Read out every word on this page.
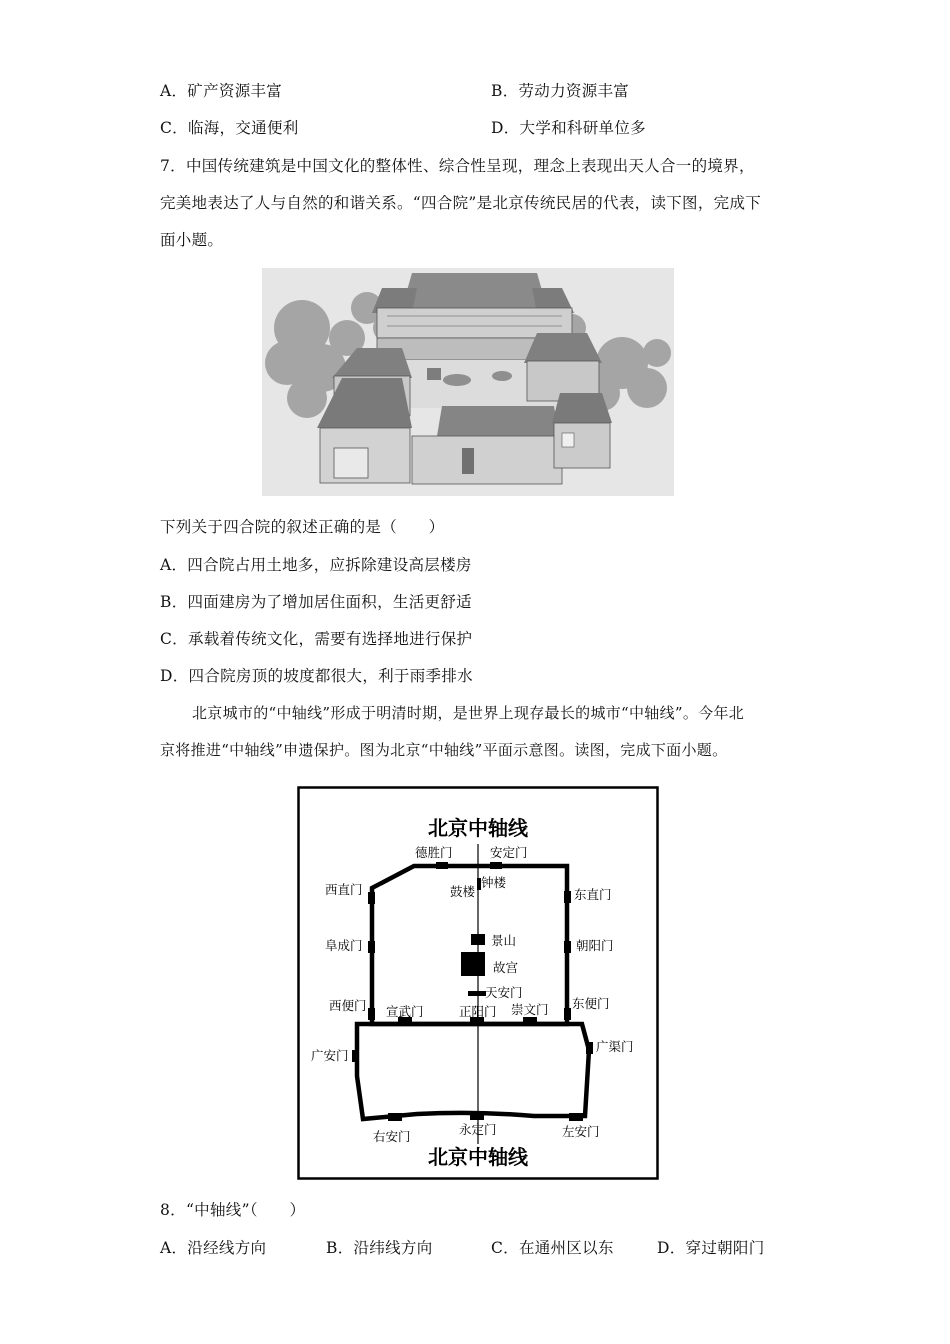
A．矿产资源丰富	B．劳动力资源丰富
C．临海，交通便利	D．大学和科研单位多
7．中国传统建筑是中国文化的整体性、综合性呈现，理念上表现出天人合一的境界，
完美地表达了人与自然的和谐关系。“四合院”是北京传统民居的代表，读下图，完成下
面小题。
下列关于四合院的叙述正确的是（　　）
A．四合院占用土地多，应拆除建设高层楼房
B．四面建房为了增加居住面积，生活更舒适
C．承载着传统文化，需要有选择地进行保护
D．四合院房顶的坡度都很大，利于雨季排水
北京城市的“中轴线”形成于明清时期，是世界上现存最长的城市“中轴线”。今年北
京将推进“中轴线”申遗保护。图为北京“中轴线”平面示意图。读图，完成下面小题。
北京中轴线
德胜门	安定门
钟楼
鼓楼
西直门	东直门
阜成门	朝阳门
景山
故宫
天安门
西便门	东便门
宣武门	正阳门 崇文门
广安门
广渠门
右安门	永定门	左安门
北京中轴线
8．“中轴线”（　　）
A．沿经线方向	B．沿纬线方向	C．在通州区以东	D．穿过朝阳门
